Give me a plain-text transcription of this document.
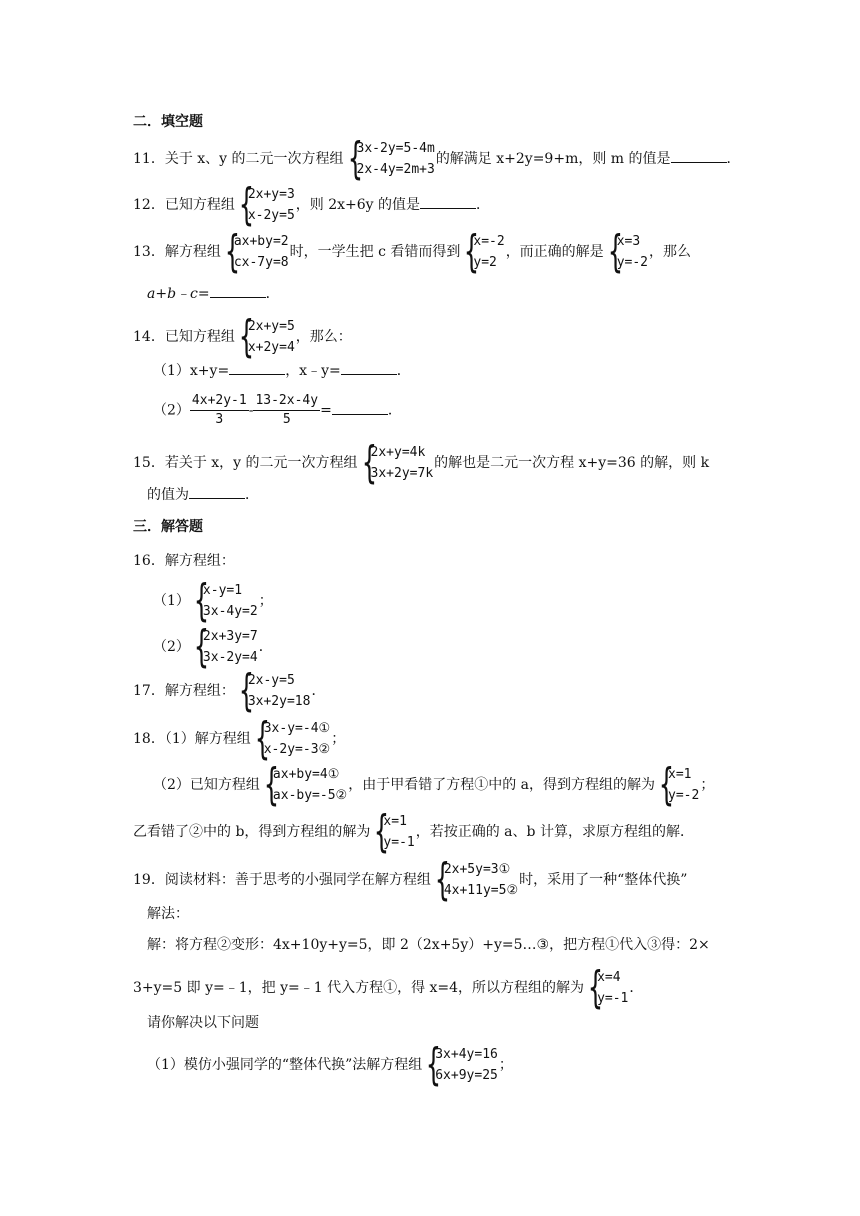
二．填空题
11．关于 x、y 的二元一次方程组 {
3x-2y=5-4m
2x-4y=2m+3
的解满足 x+2y=9+m，则 m 的值是	．
12．已知方程组 {
2x+y=3
x-2y=5
，则 2x+6y 的值是	．
13．解方程组 {
ax+by=2
cx-7y=8
时，一学生把 c 看错而得到 {
x=-2
y=2
，而正确的解是 {
x=3
y=-2
，那么
a+b﹣c=	．
14．已知方程组 {
2x+y=5
x+2y=4
，那么：
（1）x+y=	，x﹣y=	．
$(2) \frac{4x+2y-1}{3} - \frac{13-2x-4y}{5}$ =	．
15．若关于 x，y 的二元一次方程组 {
2x+y=4k
3x+2y=7k
的解也是二元一次方程 x+y=36 的解，则 k
的值为	．
三．解答题
16．解方程组：
（1） {
x-y=1
3x-4y=2
；
（2） {
2x+3y=7
3x-2y=4
．
17．解方程组： {
2x-y=5
3x+2y=18
．
18．（1）解方程组 {
3x-y=-4①
x-2y=-3②
；
（2）已知方程组 {
ax+by=4①
ax-by=-5②
，由于甲看错了方程①中的 a，得到方程组的解为 {
x=1
y=-2
；
乙看错了②中的 b，得到方程组的解为 {
x=1
y=-1
，若按正确的 a、b 计算，求原方程组的解．
19．阅读材料：善于思考的小强同学在解方程组 {
2x+5y=3①
4x+11y=5②
时，采用了一种“整体代换”
解法：
解：将方程②变形：4x+10y+y=5，即 2（2x+5y）+y=5…③，把方程①代入③得：2×
3+y=5 即 y=﹣1，把 y=﹣1 代入方程①，得 x=4，所以方程组的解为 {
x=4
y=-1
．
请你解决以下问题
（1）模仿小强同学的“整体代换”法解方程组 {
3x+4y=16
6x+9y=25
；
